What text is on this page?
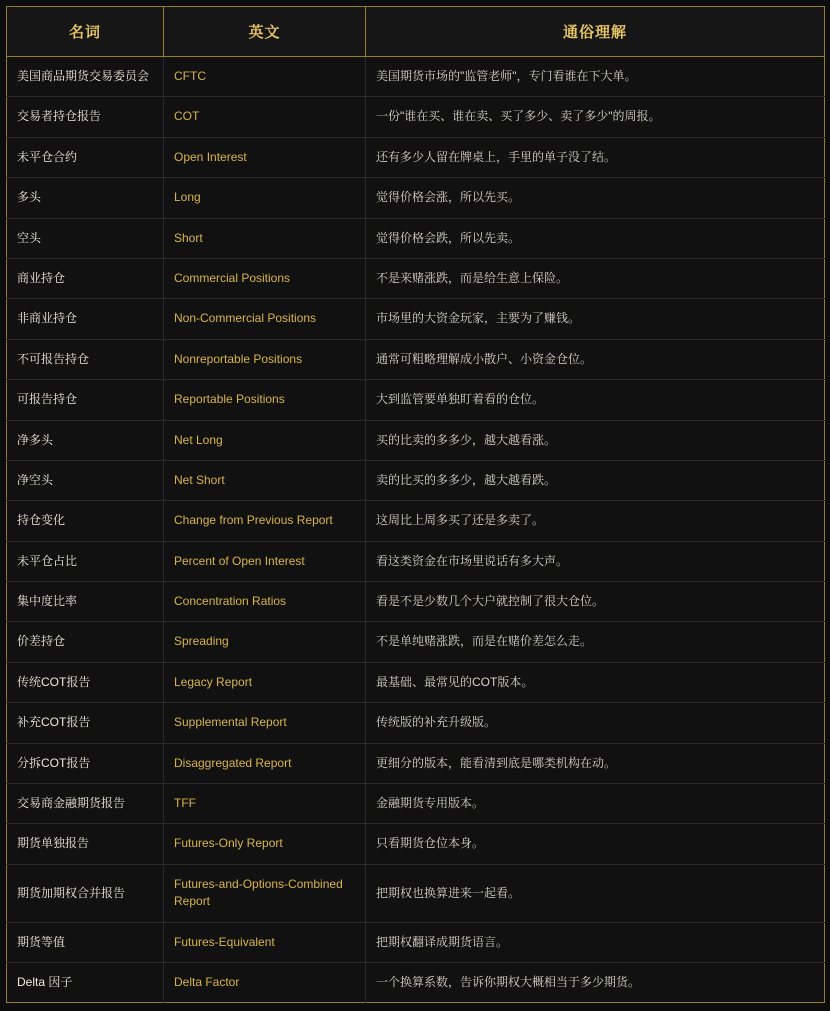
名词	英文	通俗理解
美国商品期货交易委员会	CFTC	美国期货市场的"监管老师"，专门看谁在下大单。
交易者持仓报告	COT	一份"谁在买、谁在卖、买了多少、卖了多少"的周报。
未平仓合约	Open Interest	还有多少人留在牌桌上，手里的单子没了结。
多头	Long	觉得价格会涨，所以先买。
空头	Short	觉得价格会跌，所以先卖。
商业持仓	Commercial Positions	不是来赌涨跌，而是给生意上保险。
非商业持仓	Non-Commercial Positions	市场里的大资金玩家，主要为了赚钱。
不可报告持仓	Nonreportable Positions	通常可粗略理解成小散户、小资金仓位。
可报告持仓	Reportable Positions	大到监管要单独盯着看的仓位。
净多头	Net Long	买的比卖的多多少，越大越看涨。
净空头	Net Short	卖的比买的多多少，越大越看跌。
持仓变化	Change from Previous Report	这周比上周多买了还是多卖了。
未平仓占比	Percent of Open Interest	看这类资金在市场里说话有多大声。
集中度比率	Concentration Ratios	看是不是少数几个大户就控制了很大仓位。
价差持仓	Spreading	不是单纯赌涨跌，而是在赌价差怎么走。
传统COT报告	Legacy Report	最基础、最常见的COT版本。
补充COT报告	Supplemental Report	传统版的补充升级版。
分拆COT报告	Disaggregated Report	更细分的版本，能看清到底是哪类机构在动。
交易商金融期货报告	TFF	金融期货专用版本。
期货单独报告	Futures-Only Report	只看期货仓位本身。
期货加期权合并报告	Futures-and-Options-Combined Report	把期权也换算进来一起看。
期货等值	Futures-Equivalent	把期权翻译成期货语言。
Delta 因子	Delta Factor	一个换算系数，告诉你期权大概相当于多少期货。
